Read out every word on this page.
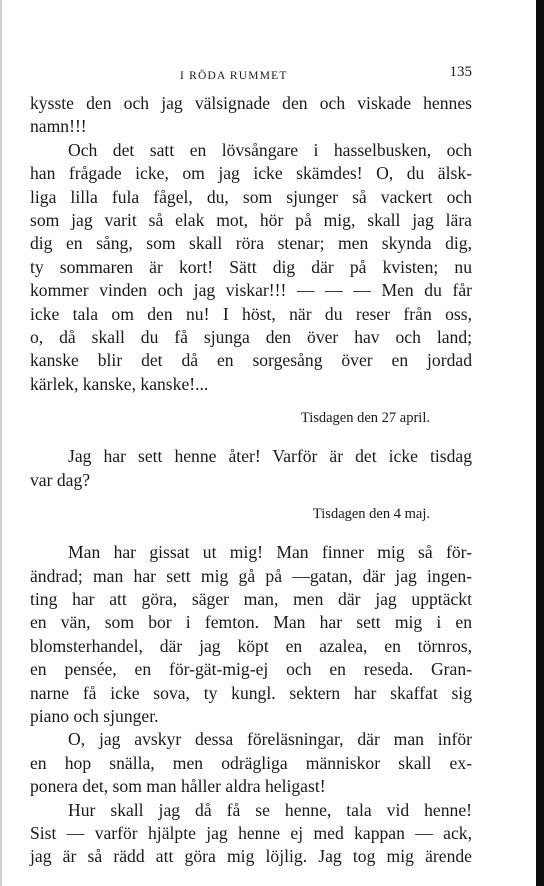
I RÖDA RUMMET	135
kysste den och jag välsignade den och viskade hennes
namn!!!
Och det satt en lövsångare i hasselbusken, och
han frågade icke, om jag icke skämdes! O, du älsk-
liga lilla fula fågel, du, som sjunger så vackert och
som jag varit så elak mot, hör på mig, skall jag lära
dig en sång, som skall röra stenar; men skynda dig,
ty sommaren är kort! Sätt dig där på kvisten; nu
kommer vinden och jag viskar!!! — — — Men du får
icke tala om den nu! I höst, när du reser från oss,
o, då skall du få sjunga den över hav och land;
kanske blir det då en sorgesång över en jordad
kärlek, kanske, kanske!...
Tisdagen den 27 april.
Jag har sett henne åter! Varför är det icke tisdag
var dag?
Tisdagen den 4 maj.
Man har gissat ut mig! Man finner mig så för-
ändrad; man har sett mig gå på —gatan, där jag ingen-
ting har att göra, säger man, men där jag upptäckt
en vän, som bor i femton. Man har sett mig i en
blomsterhandel, där jag köpt en azalea, en törnros,
en pensée, en för-gät-mig-ej och en reseda. Gran-
narne få icke sova, ty kungl. sektern har skaffat sig
piano och sjunger.
O, jag avskyr dessa föreläsningar, där man inför
en hop snälla, men odrägliga människor skall ex-
ponera det, som man håller aldra heligast!
Hur skall jag då få se henne, tala vid henne!
Sist — varför hjälpte jag henne ej med kappan — ack,
jag är så rädd att göra mig löjlig. Jag tog mig ärende
